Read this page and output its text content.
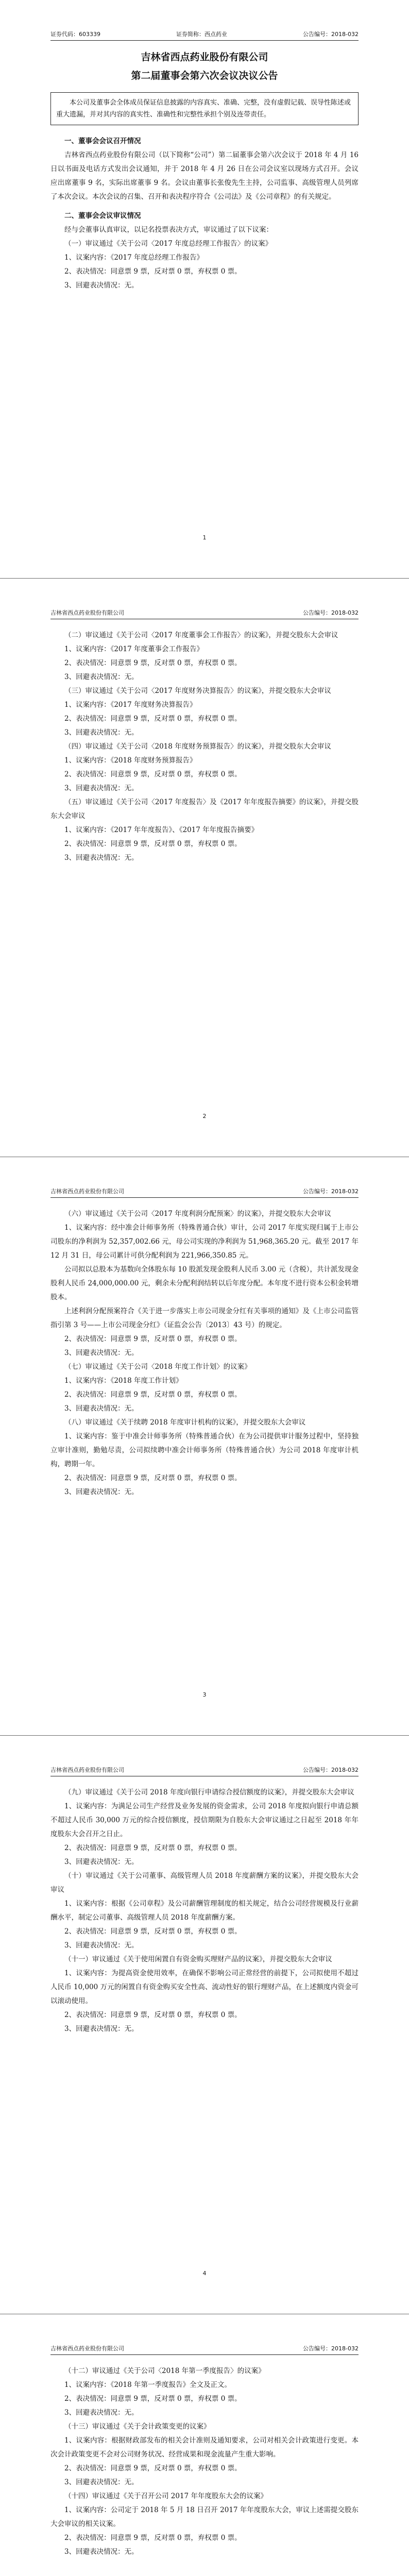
证券代码：603339	证券简称：西点药业	公告编号：2018-032
吉林省西点药业股份有限公司
第二届董事会第六次会议决议公告
本公司及董事会全体成员保证信息披露的内容真实、准确、完整，没有虚假记载、误导性陈述或重大遗漏，并对其内容的真实性、准确性和完整性承担个别及连带责任。

一、董事会会议召开情况

吉林省西点药业股份有限公司（以下简称“公司”）第二届董事会第六次会议于 2018 年 4 月 16 日以书面及电话方式发出会议通知，并于 2018 年 4 月 26 日在公司会议室以现场方式召开。会议应出席董事 9 名，实际出席董事 9 名。会议由董事长张俊先生主持，公司监事、高级管理人员列席了本次会议。本次会议的召集、召开和表决程序符合《公司法》及《公司章程》的有关规定。

二、董事会会议审议情况

经与会董事认真审议，以记名投票表决方式，审议通过了以下议案：

（一）审议通过《关于公司〈2017 年度总经理工作报告〉的议案》

1、议案内容：《2017 年度总经理工作报告》

2、表决情况：同意票 9 票，反对票 0 票，弃权票 0 票。

3、回避表决情况：无。

1
吉林省西点药业股份有限公司	公告编号：2018-032

（二）审议通过《关于公司〈2017 年度董事会工作报告〉的议案》，并提交股东大会审议

1、议案内容：《2017 年度董事会工作报告》

2、表决情况：同意票 9 票，反对票 0 票，弃权票 0 票。

3、回避表决情况：无。

（三）审议通过《关于公司〈2017 年度财务决算报告〉的议案》，并提交股东大会审议

1、议案内容：《2017 年度财务决算报告》

2、表决情况：同意票 9 票，反对票 0 票，弃权票 0 票。

3、回避表决情况：无。

（四）审议通过《关于公司〈2018 年度财务预算报告〉的议案》，并提交股东大会审议

1、议案内容：《2018 年度财务预算报告》

2、表决情况：同意票 9 票，反对票 0 票，弃权票 0 票。

3、回避表决情况：无。

（五）审议通过《关于公司〈2017 年度报告〉及《2017 年年度报告摘要》的议案》，并提交股东大会审议

1、议案内容：《2017 年年度报告》、《2017 年年度报告摘要》

2、表决情况：同意票 9 票，反对票 0 票，弃权票 0 票。

3、回避表决情况：无。

2
吉林省西点药业股份有限公司	公告编号：2018-032

（六）审议通过《关于公司〈2017 年度利润分配预案〉的议案》，并提交股东大会审议

1、议案内容：经中准会计师事务所（特殊普通合伙）审计，公司 2017 年度实现归属于上市公司股东的净利润为 52,357,002.66 元，母公司实现的净利润为 51,968,365.20 元。截至 2017 年 12 月 31 日，母公司累计可供分配利润为 221,966,350.85 元。

公司拟以总股本为基数向全体股东每 10 股派发现金股利人民币 3.00 元（含税），共计派发现金股利人民币 24,000,000.00 元，剩余未分配利润结转以后年度分配。本年度不进行资本公积金转增股本。

上述利润分配预案符合《关于进一步落实上市公司现金分红有关事项的通知》及《上市公司监管指引第 3 号——上市公司现金分红》（证监会公告〔2013〕43 号）的规定。

2、表决情况：同意票 9 票，反对票 0 票，弃权票 0 票。

3、回避表决情况：无。

（七）审议通过《关于公司〈2018 年度工作计划〉的议案》

1、议案内容：《2018 年度工作计划》

2、表决情况：同意票 9 票，反对票 0 票，弃权票 0 票。

3、回避表决情况：无。

（八）审议通过《关于续聘 2018 年度审计机构的议案》，并提交股东大会审议

1、议案内容：鉴于中准会计师事务所（特殊普通合伙）在为公司提供审计服务过程中，坚持独立审计准则，勤勉尽责，公司拟续聘中准会计师事务所（特殊普通合伙）为公司 2018 年度审计机构，聘期一年。

2、表决情况：同意票 9 票，反对票 0 票，弃权票 0 票。

3、回避表决情况：无。

3
吉林省西点药业股份有限公司	公告编号：2018-032

（九）审议通过《关于公司 2018 年度向银行申请综合授信额度的议案》，并提交股东大会审议

1、议案内容：为满足公司生产经营及业务发展的资金需求，公司 2018 年度拟向银行申请总额不超过人民币 30,000 万元的综合授信额度，授信期限为自股东大会审议通过之日起至 2018 年年度股东大会召开之日止。

2、表决情况：同意票 9 票，反对票 0 票，弃权票 0 票。

3、回避表决情况：无。

（十）审议通过《关于公司董事、高级管理人员 2018 年度薪酬方案的议案》，并提交股东大会审议

1、议案内容：根据《公司章程》及公司薪酬管理制度的相关规定，结合公司经营规模及行业薪酬水平，制定公司董事、高级管理人员 2018 年度薪酬方案。

2、表决情况：同意票 9 票，反对票 0 票，弃权票 0 票。

3、回避表决情况：无。

（十一）审议通过《关于使用闲置自有资金购买理财产品的议案》，并提交股东大会审议

1、议案内容：为提高资金使用效率，在确保不影响公司正常经营的前提下，公司拟使用不超过人民币 10,000 万元的闲置自有资金购买安全性高、流动性好的银行理财产品，在上述额度内资金可以滚动使用。

2、表决情况：同意票 9 票，反对票 0 票，弃权票 0 票。

3、回避表决情况：无。

4
吉林省西点药业股份有限公司	公告编号：2018-032

（十二）审议通过《关于公司〈2018 年第一季度报告〉的议案》

1、议案内容：《2018 年第一季度报告》全文及正文。

2、表决情况：同意票 9 票，反对票 0 票，弃权票 0 票。

3、回避表决情况：无。

（十三）审议通过《关于会计政策变更的议案》

1、议案内容：根据财政部发布的相关会计准则及通知要求，公司对相关会计政策进行变更。本次会计政策变更不会对公司财务状况、经营成果和现金流量产生重大影响。

2、表决情况：同意票 9 票，反对票 0 票，弃权票 0 票。

3、回避表决情况：无。

（十四）审议通过《关于召开公司 2017 年年度股东大会的议案》

1、议案内容：公司定于 2018 年 5 月 18 日召开 2017 年年度股东大会，审议上述需提交股东大会审议的相关议案。

2、表决情况：同意票 9 票，反对票 0 票，弃权票 0 票。

3、回避表决情况：无。
